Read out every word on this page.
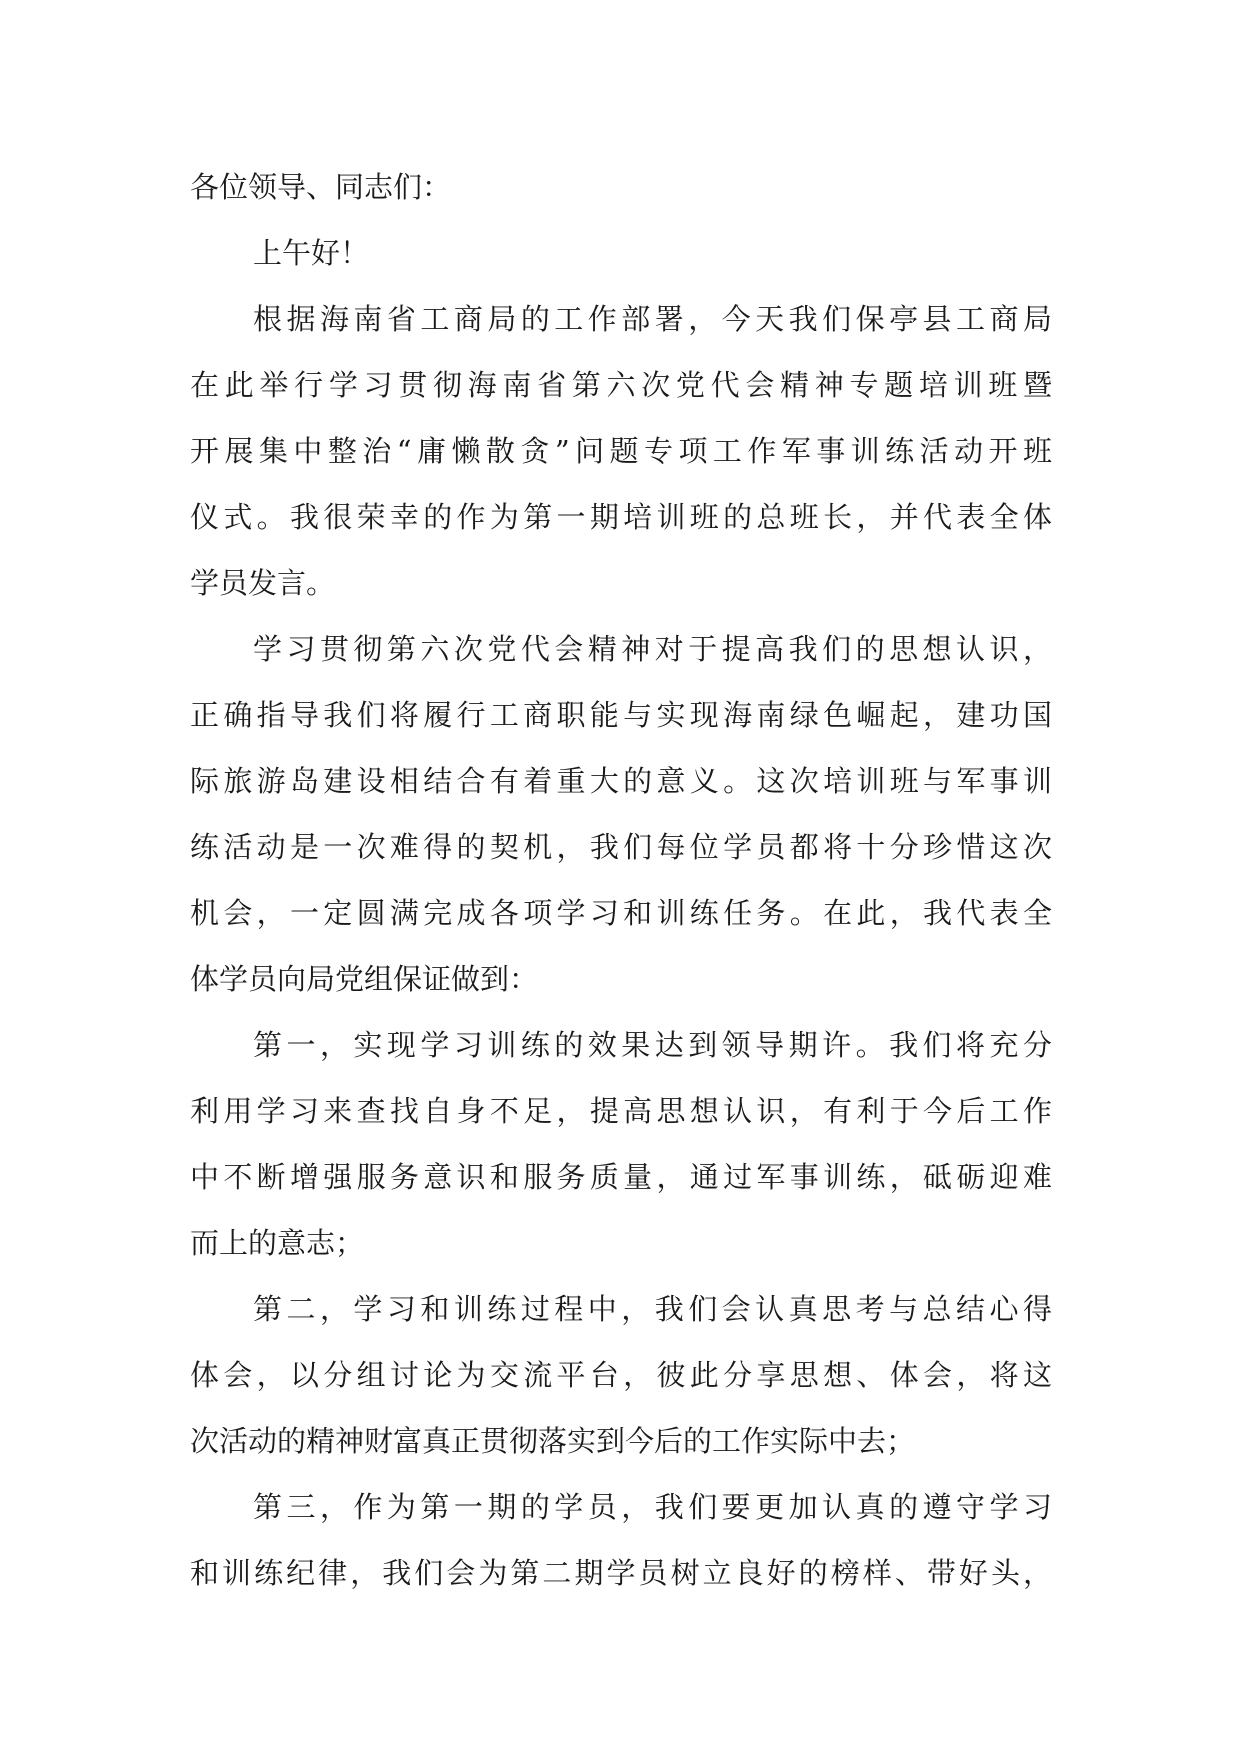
各位领导、同志们：
上午好！
根据海南省工商局的工作部署，今天我们保亭县工商局
在此举行学习贯彻海南省第六次党代会精神专题培训班暨
开展集中整治“庸懒散贪”问题专项工作军事训练活动开班
仪式。我很荣幸的作为第一期培训班的总班长，并代表全体
学员发言。
学习贯彻第六次党代会精神对于提高我们的思想认识，
正确指导我们将履行工商职能与实现海南绿色崛起，建功国
际旅游岛建设相结合有着重大的意义。这次培训班与军事训
练活动是一次难得的契机，我们每位学员都将十分珍惜这次
机会，一定圆满完成各项学习和训练任务。在此，我代表全
体学员向局党组保证做到：
第一，实现学习训练的效果达到领导期许。我们将充分
利用学习来查找自身不足，提高思想认识，有利于今后工作
中不断增强服务意识和服务质量，通过军事训练，砥砺迎难
而上的意志；
第二，学习和训练过程中，我们会认真思考与总结心得
体会，以分组讨论为交流平台，彼此分享思想、体会，将这
次活动的精神财富真正贯彻落实到今后的工作实际中去；
第三，作为第一期的学员，我们要更加认真的遵守学习
和训练纪律，我们会为第二期学员树立良好的榜样、带好头，
